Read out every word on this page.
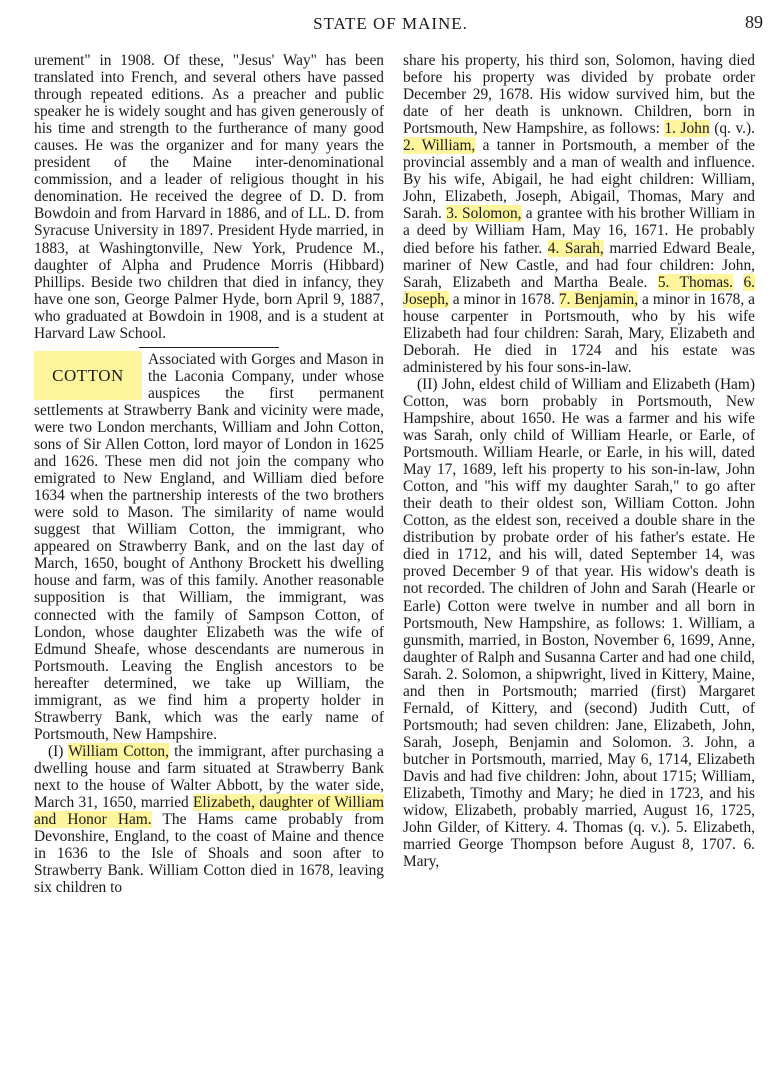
STATE OF MAINE.	89

urement" in 1908. Of these, "Jesus' Way" has been translated into French, and several others have passed through repeated editions. As a preacher and public speaker he is widely sought and has given generously of his time and strength to the furtherance of many good causes. He was the organizer and for many years the president of the Maine inter-denominational commission, and a leader of religious thought in his denomination. He received the degree of D. D. from Bowdoin and from Harvard in 1886, and of LL. D. from Syracuse University in 1897. President Hyde married, in 1883, at Washingtonville, New York, Prudence M., daughter of Alpha and Prudence Morris (Hibbard) Phillips. Beside two children that died in infancy, they have one son, George Palmer Hyde, born April 9, 1887, who graduated at Bowdoin in 1908, and is a student at Harvard Law School.

COTTON

Associated with Gorges and Mason in the Laconia Company, under whose auspices the first permanent settlements at Strawberry Bank and vicinity were made, were two London merchants, William and John Cotton, sons of Sir Allen Cotton, lord mayor of London in 1625 and 1626. These men did not join the company who emigrated to New England, and William died before 1634 when the partnership interests of the two brothers were sold to Mason. The similarity of name would suggest that William Cotton, the immigrant, who appeared on Strawberry Bank, and on the last day of March, 1650, bought of Anthony Brockett his dwelling house and farm, was of this family. Another reasonable supposition is that William, the immigrant, was connected with the family of Sampson Cotton, of London, whose daughter Elizabeth was the wife of Edmund Sheafe, whose descendants are numerous in Portsmouth. Leaving the English ancestors to be hereafter determined, we take up William, the immigrant, as we find him a property holder in Strawberry Bank, which was the early name of Portsmouth, New Hampshire.

(I) William Cotton, the immigrant, after purchasing a dwelling house and farm situated at Strawberry Bank next to the house of Walter Abbott, by the water side, March 31, 1650, married Elizabeth, daughter of William and Honor Ham. The Hams came probably from Devonshire, England, to the coast of Maine and thence in 1636 to the Isle of Shoals and soon after to Strawberry Bank. William Cotton died in 1678, leaving six children to

share his property, his third son, Solomon, having died before his property was divided by probate order December 29, 1678. His widow survived him, but the date of her death is unknown. Children, born in Portsmouth, New Hampshire, as follows: 1. John (q. v.). 2. William, a tanner in Portsmouth, a member of the provincial assembly and a man of wealth and influence. By his wife, Abigail, he had eight children: William, John, Elizabeth, Joseph, Abigail, Thomas, Mary and Sarah. 3. Solomon, a grantee with his brother William in a deed by William Ham, May 16, 1671. He probably died before his father. 4. Sarah, married Edward Beale, mariner of New Castle, and had four children: John, Sarah, Elizabeth and Martha Beale. 5. Thomas. 6. Joseph, a minor in 1678. 7. Benjamin, a minor in 1678, a house carpenter in Portsmouth, who by his wife Elizabeth had four children: Sarah, Mary, Elizabeth and Deborah. He died in 1724 and his estate was administered by his four sons-in-law.

(II) John, eldest child of William and Elizabeth (Ham) Cotton, was born probably in Portsmouth, New Hampshire, about 1650. He was a farmer and his wife was Sarah, only child of William Hearle, or Earle, of Portsmouth. William Hearle, or Earle, in his will, dated May 17, 1689, left his property to his son-in-law, John Cotton, and "his wiff my daughter Sarah," to go after their death to their oldest son, William Cotton. John Cotton, as the eldest son, received a double share in the distribution by probate order of his father's estate. He died in 1712, and his will, dated September 14, was proved December 9 of that year. His widow's death is not recorded. The children of John and Sarah (Hearle or Earle) Cotton were twelve in number and all born in Portsmouth, New Hampshire, as follows: 1. William, a gunsmith, married, in Boston, November 6, 1699, Anne, daughter of Ralph and Susanna Carter and had one child, Sarah. 2. Solomon, a shipwright, lived in Kittery, Maine, and then in Portsmouth; married (first) Margaret Fernald, of Kittery, and (second) Judith Cutt, of Portsmouth; had seven children: Jane, Elizabeth, John, Sarah, Joseph, Benjamin and Solomon. 3. John, a butcher in Portsmouth, married, May 6, 1714, Elizabeth Davis and had five children: John, about 1715; William, Elizabeth, Timothy and Mary; he died in 1723, and his widow, Elizabeth, probably married, August 16, 1725, John Gilder, of Kittery. 4. Thomas (q. v.). 5. Elizabeth, married George Thompson before August 8, 1707. 6. Mary,
